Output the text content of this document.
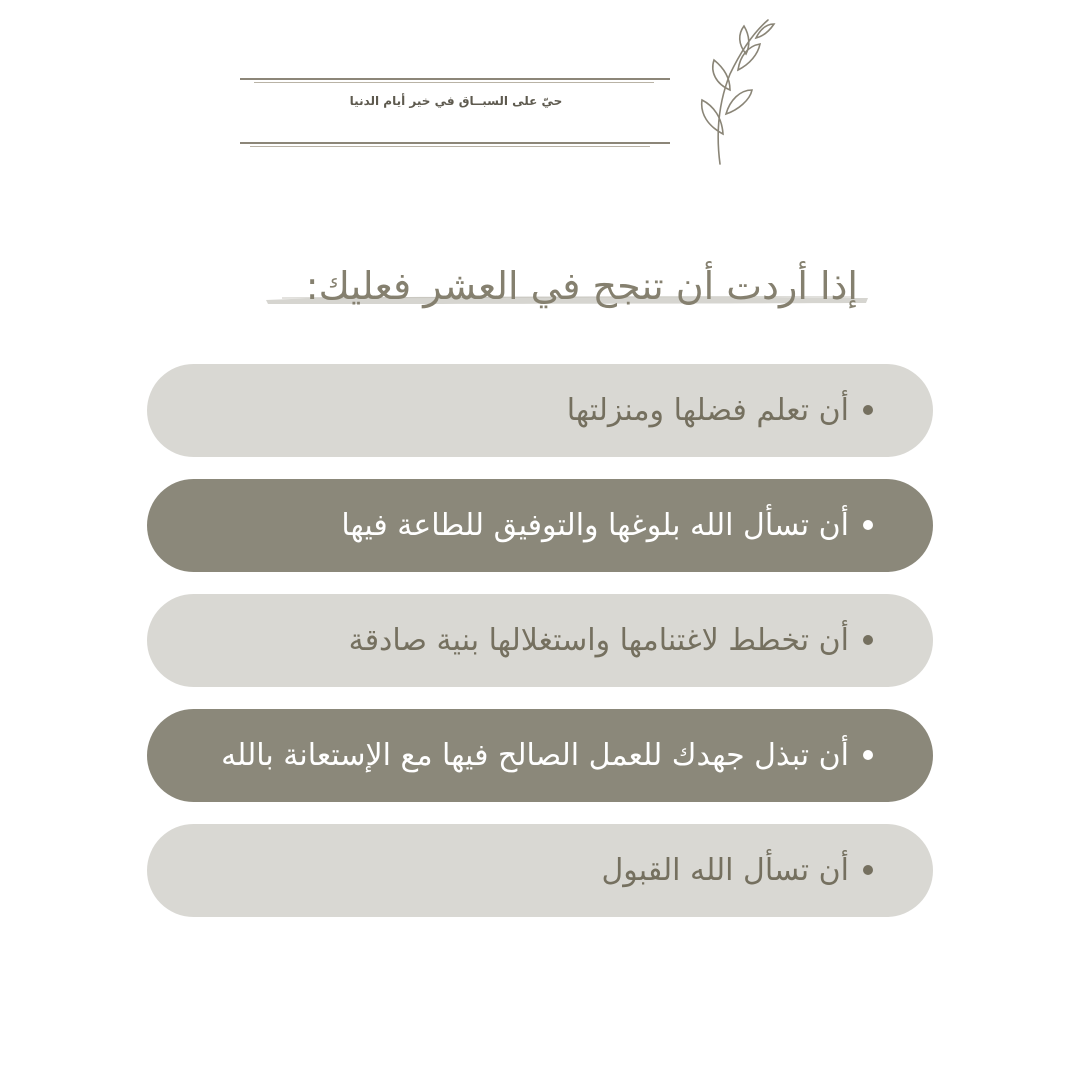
حيّ على السبــاق في خير أيام الدنيا
إذا أردت أن تنجح في العشر فعليك:
أن تعلم فضلها ومنزلتها
أن تسأل الله بلوغها والتوفيق للطاعة فيها
أن تخطط لاغتنامها واستغلالها بنية صادقة
أن تبذل جهدك للعمل الصالح فيها مع الإستعانة بالله
أن تسأل الله القبول
